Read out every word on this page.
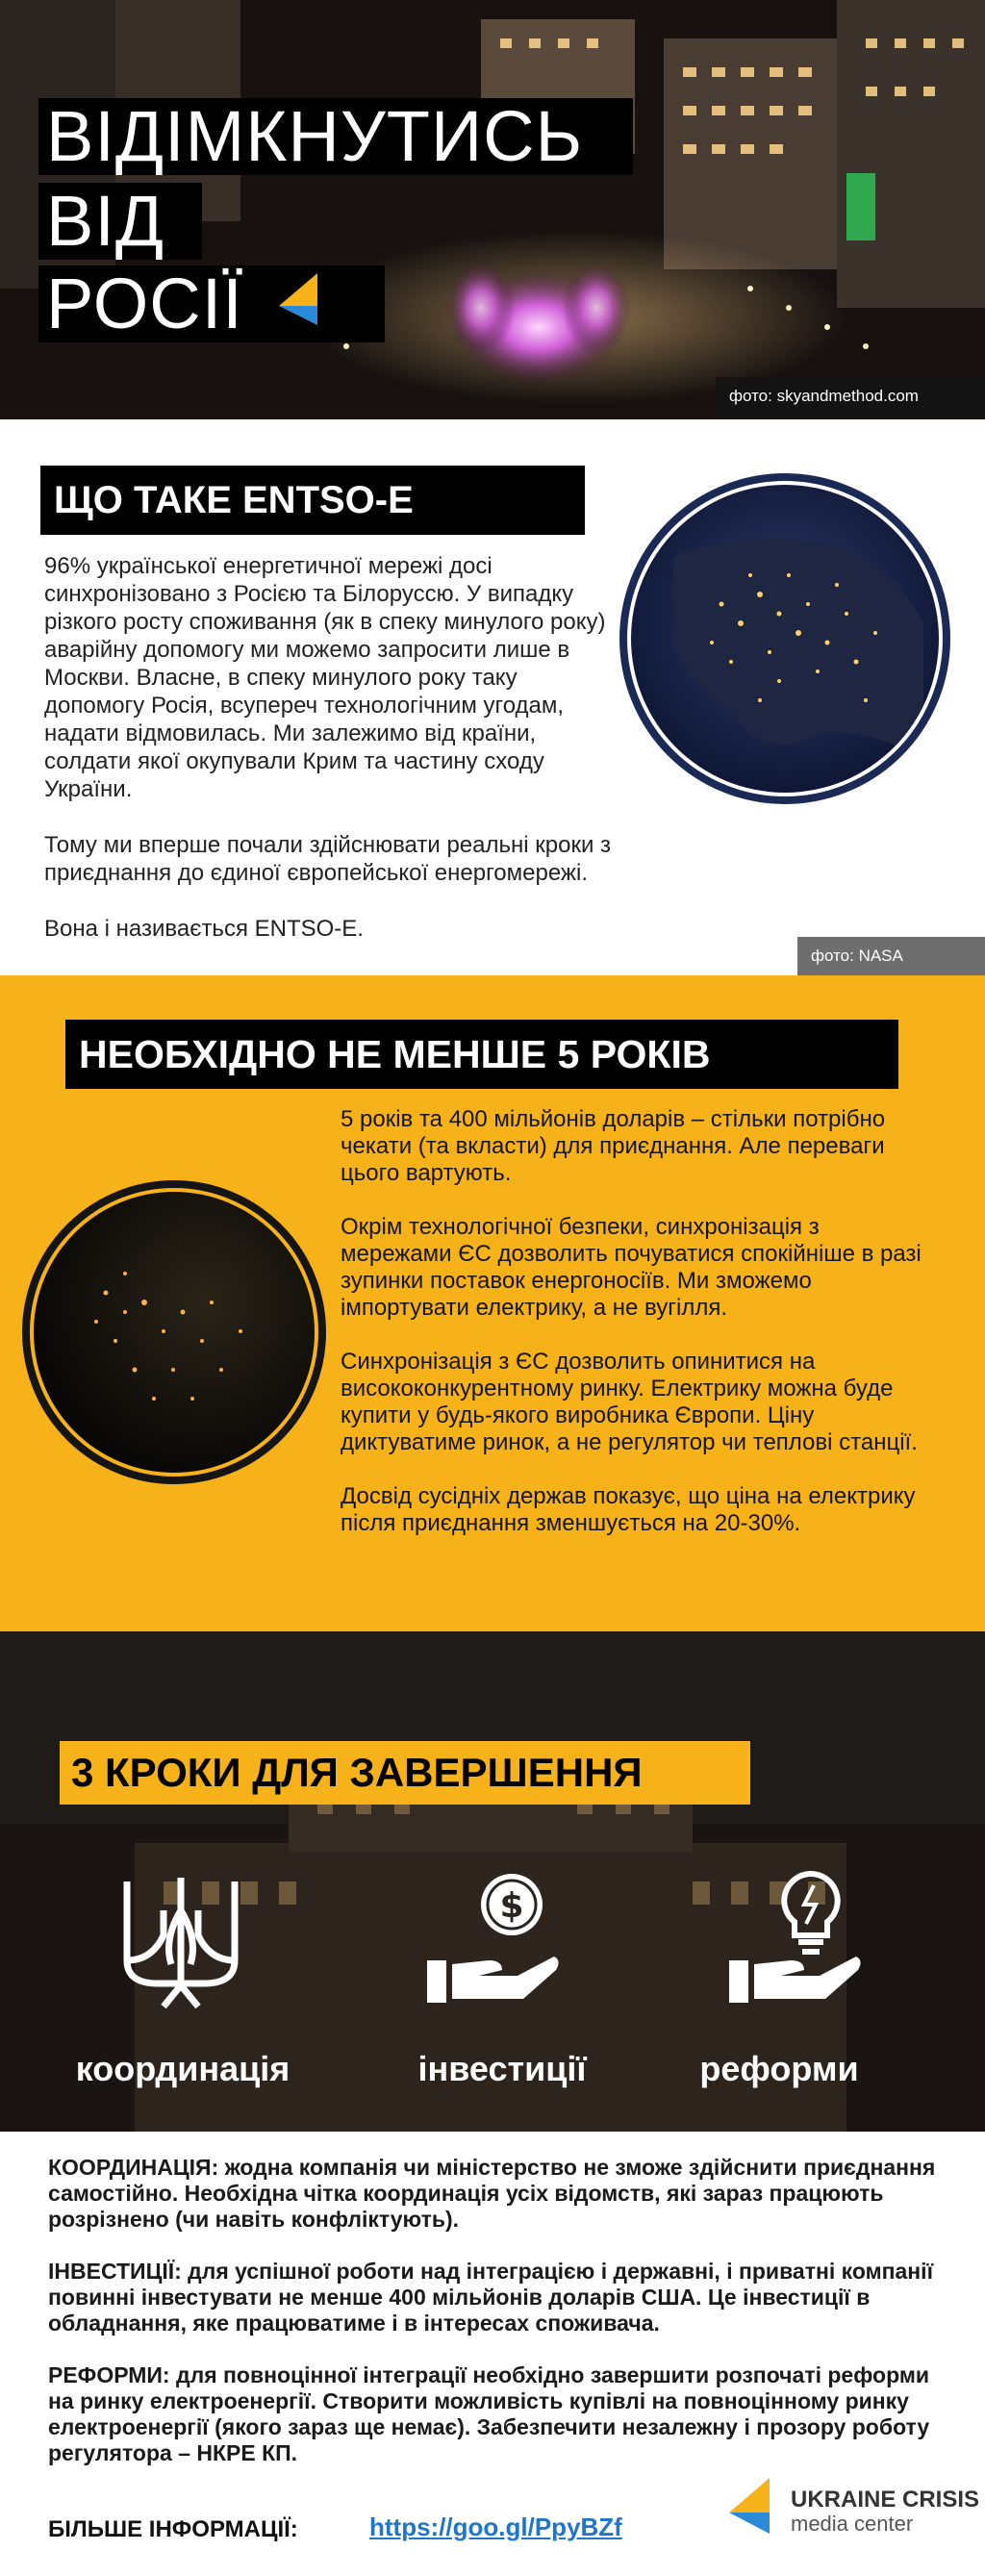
ВІДІМКНУТИСЬ
ВІД
РОСІЇ
фото: skyandmethod.com
ЩО ТАКЕ ENTSO-E

96% української енергетичної мережі досі синхронізовано з Росією та Білоруссю. У випадку різкого росту споживання (як в спеку минулого року) аварійну допомогу ми можемо запросити лише в Москви. Власне, в спеку минулого року таку допомогу Росія, всупереч технологічним угодам, надати відмовилась. Ми залежимо від країни, солдати якої окупували Крим та частину сходу України.

Тому ми вперше почали здійснювати реальні кроки з приєднання до єдиної європейської енергомережі.

Вона і називається ENTSO-E.

фото: NASA
НЕОБХІДНО НЕ МЕНШЕ 5 РОКІВ

5 років та 400 мільйонів доларів – стільки потрібно чекати (та вкласти) для приєднання. Але переваги цього вартують.

Окрім технологічної безпеки, синхронізація з мережами ЄС дозволить почуватися спокійніше в разі зупинки поставок енергоносіїв. Ми зможемо імпортувати електрику, а не вугілля.

Синхронізація з ЄС дозволить опинитися на висококонкурентному ринку. Електрику можна буде купити у будь-якого виробника Європи. Ціну диктуватиме ринок, а не регулятор чи теплові станції.

Досвід сусідніх держав показує, що ціна на електрику після приєднання зменшується на 20-30%.

3 КРОКИ ДЛЯ ЗАВЕРШЕННЯ
$
координація	інвестиції	реформи

КООРДИНАЦІЯ: жодна компанія чи міністерство не зможе здійснити приєднання самостійно. Необхідна чітка координація усіх відомств, які зараз працюють розрізнено (чи навіть конфліктують).

ІНВЕСТИЦІЇ: для успішної роботи над інтеграцією і державні, і приватні компанії повинні інвестувати не менше 400 мільйонів доларів США. Це інвестиції в обладнання, яке працюватиме і в інтересах споживача.

РЕФОРМИ: для повноцінної інтеграції необхідно завершити розпочаті реформи на ринку електроенергії. Створити можливість купівлі на повноцінному ринку електроенергії (якого зараз ще немає). Забезпечити незалежну і прозору роботу регулятора – НКРЕ КП.

БІЛЬШЕ ІНФОРМАЦІЇ:	https://goo.gl/PpyBZf
UKRAINE CRISIS
media center
